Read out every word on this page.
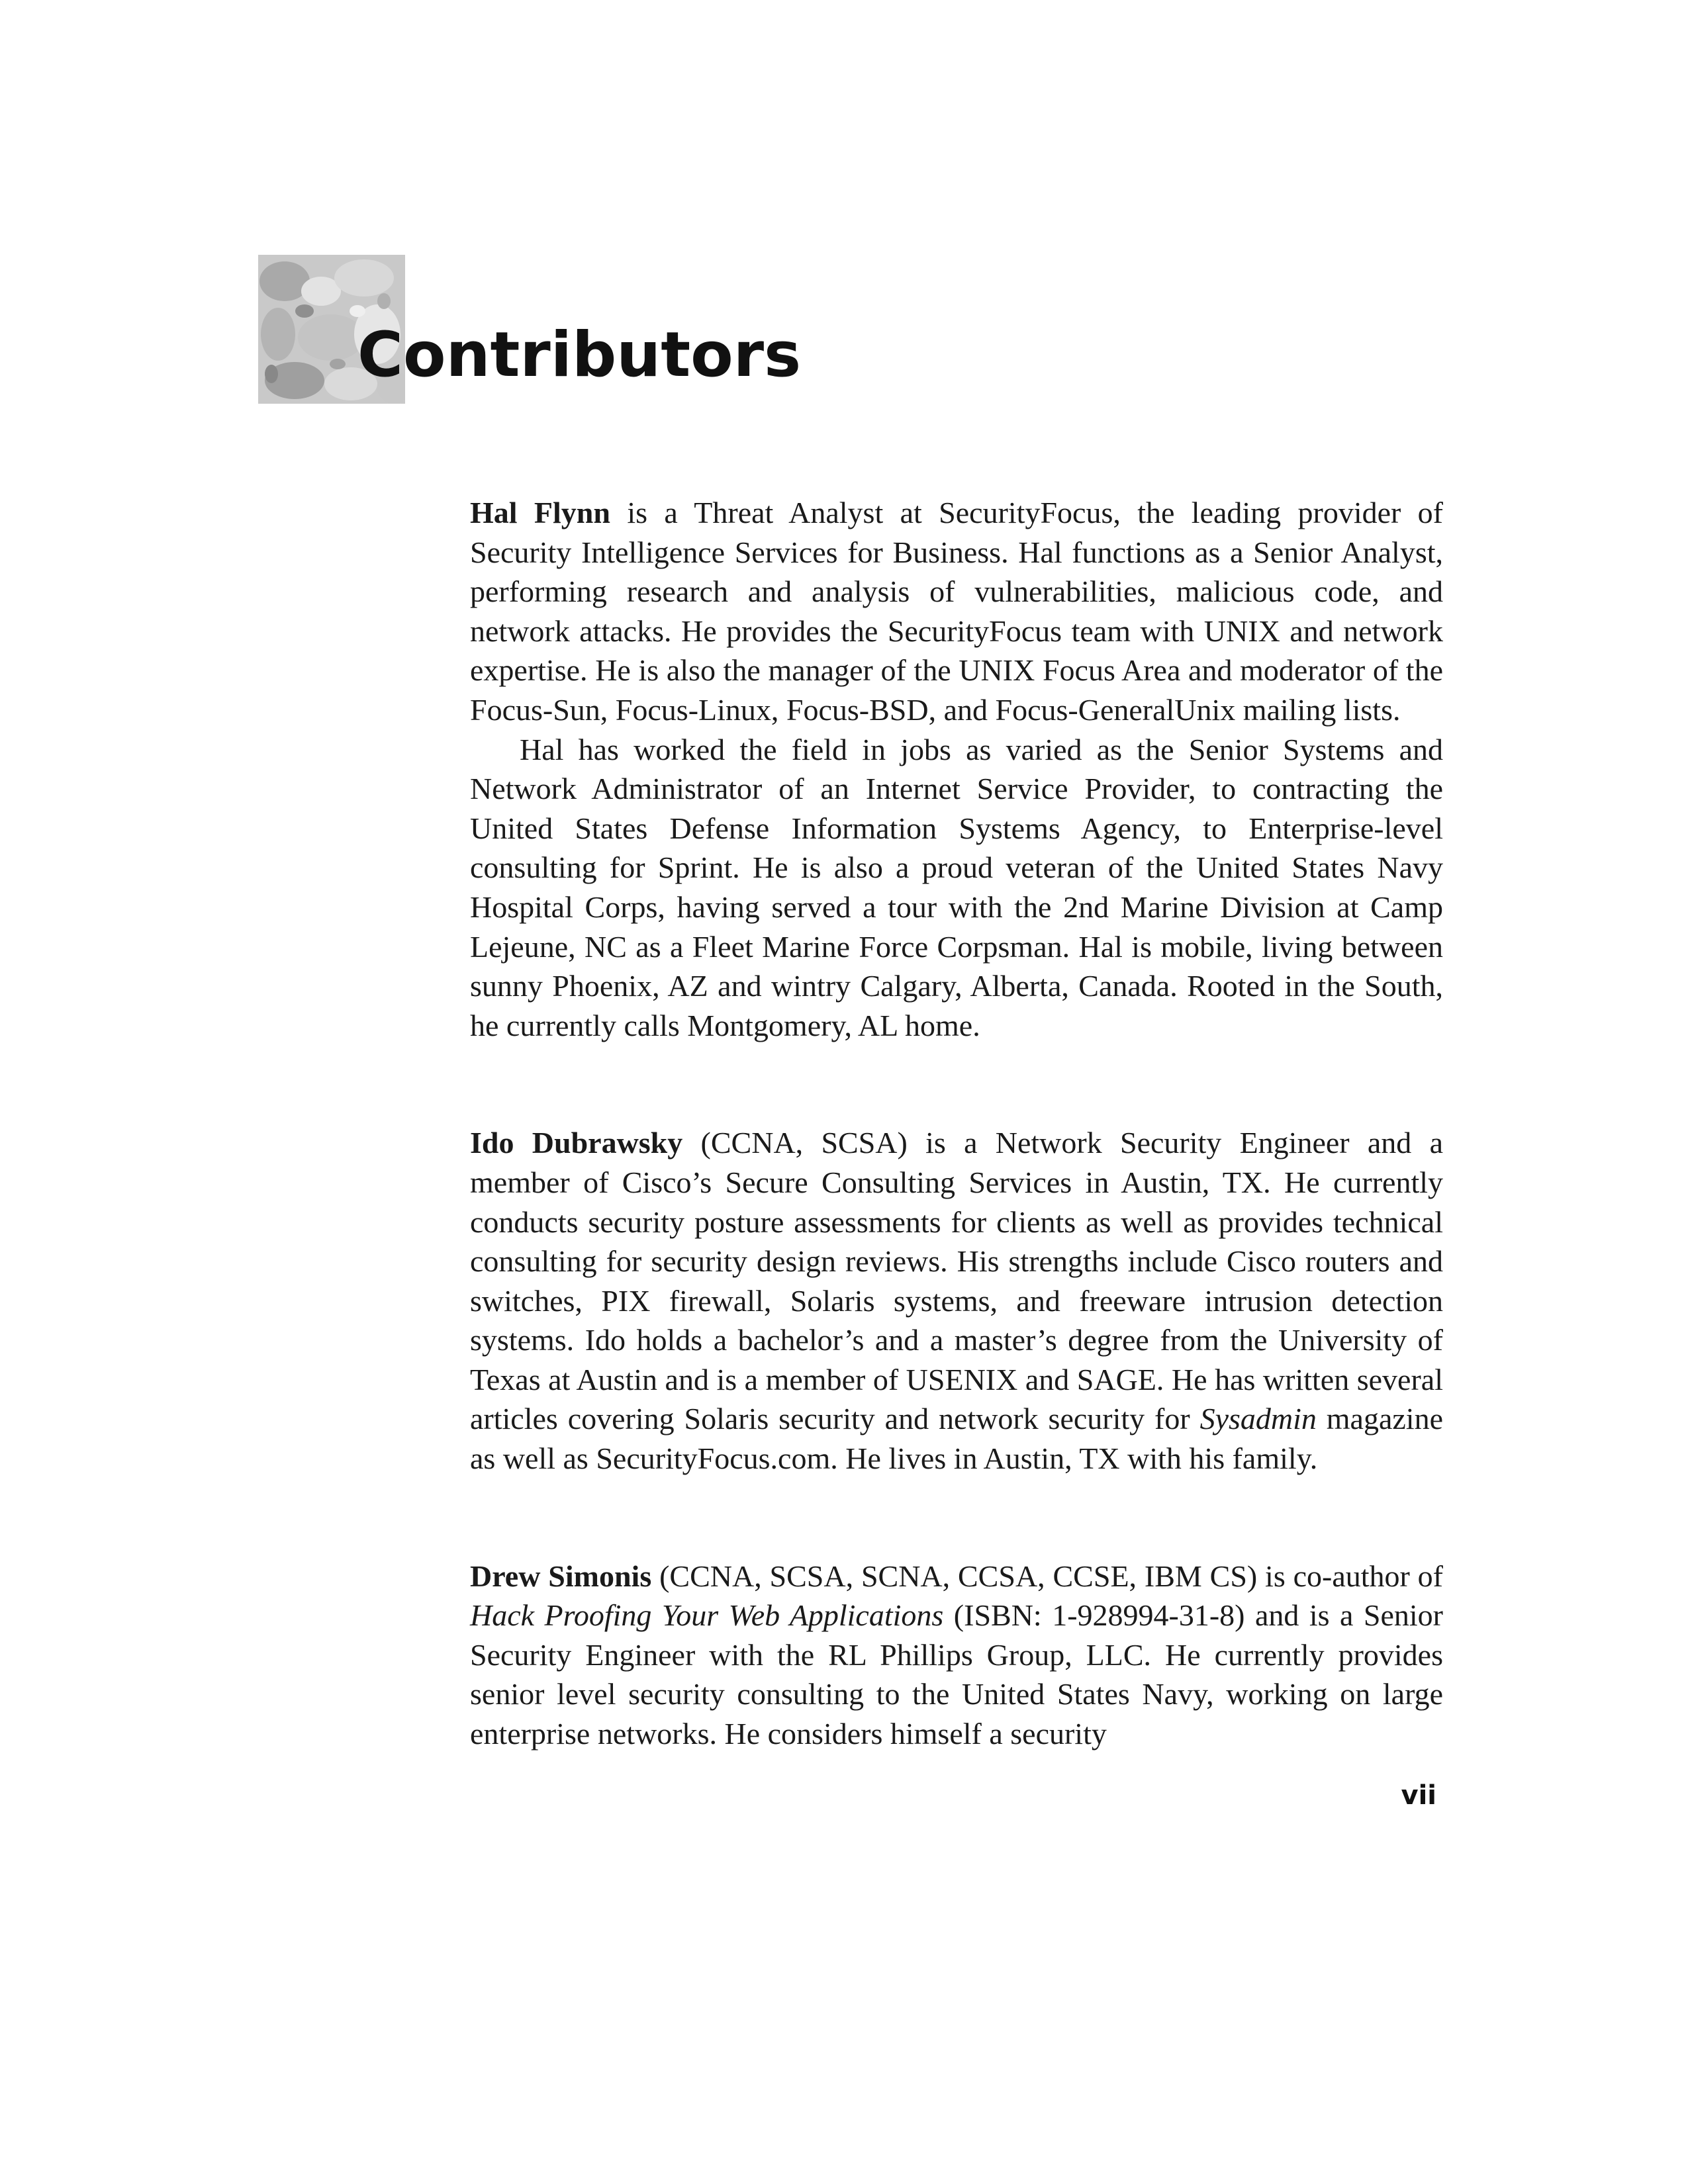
Contributors

Hal Flynn is a Threat Analyst at SecurityFocus, the leading provider of Security Intelligence Services for Business. Hal functions as a Senior Analyst, performing research and analysis of vulnerabilities, malicious code, and network attacks. He provides the SecurityFocus team with UNIX and network expertise. He is also the manager of the UNIX Focus Area and moderator of the Focus-Sun, Focus-Linux, Focus-BSD, and Focus-GeneralUnix mailing lists.

Hal has worked the field in jobs as varied as the Senior Systems and Network Administrator of an Internet Service Provider, to contracting the United States Defense Information Systems Agency, to Enterprise-level consulting for Sprint. He is also a proud veteran of the United States Navy Hospital Corps, having served a tour with the 2nd Marine Division at Camp Lejeune, NC as a Fleet Marine Force Corpsman. Hal is mobile, living between sunny Phoenix, AZ and wintry Calgary, Alberta, Canada. Rooted in the South, he currently calls Montgomery, AL home.

Ido Dubrawsky (CCNA, SCSA) is a Network Security Engineer and a member of Cisco’s Secure Consulting Services in Austin, TX. He currently conducts security posture assessments for clients as well as provides technical consulting for security design reviews. His strengths include Cisco routers and switches, PIX firewall, Solaris systems, and freeware intrusion detection systems. Ido holds a bachelor’s and a master’s degree from the University of Texas at Austin and is a member of USENIX and SAGE. He has written several articles covering Solaris security and network security for Sysadmin magazine as well as SecurityFocus.com. He lives in Austin, TX with his family.

Drew Simonis (CCNA, SCSA, SCNA, CCSA, CCSE, IBM CS) is co-author of Hack Proofing Your Web Applications (ISBN: 1-928994-31-8) and is a Senior Security Engineer with the RL Phillips Group, LLC. He currently provides senior level security consulting to the United States Navy, working on large enterprise networks. He considers himself a security

vii
